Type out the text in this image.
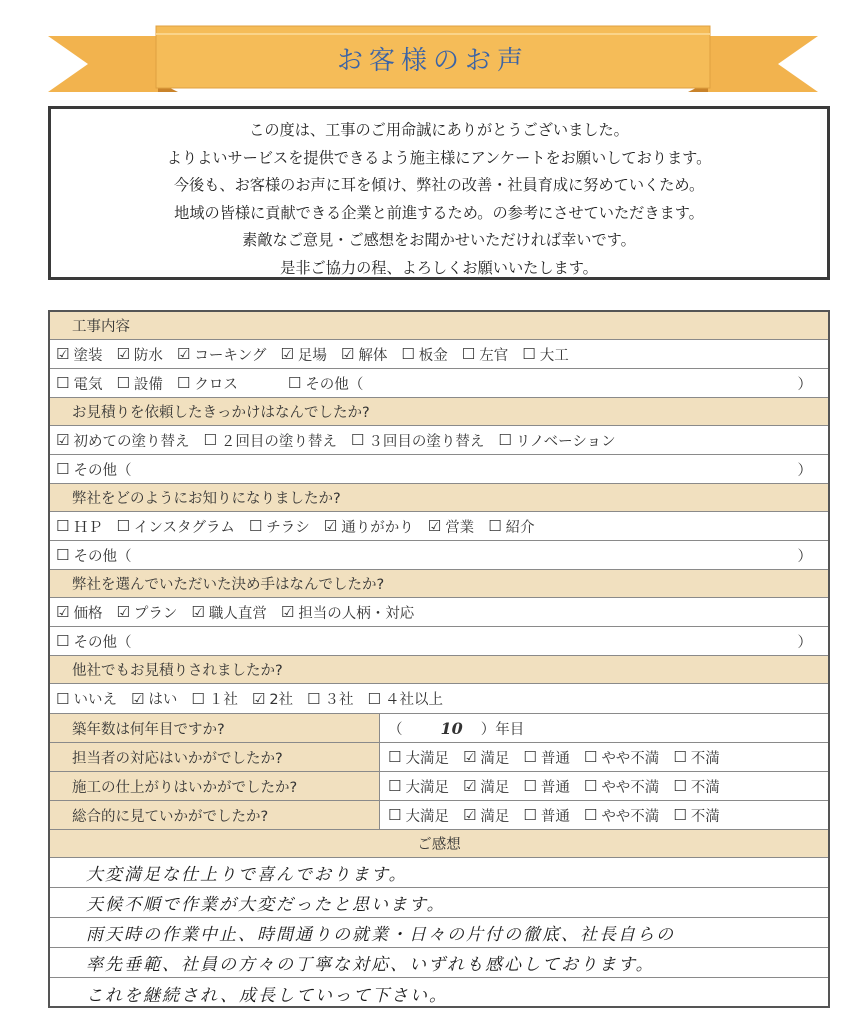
お客様のお声

この度は、工事のご用命誠にありがとうございました。

よりよいサービスを提供できるよう施主様にアンケートをお願いしております。

今後も、お客様のお声に耳を傾け、弊社の改善・社員育成に努めていくため。

地域の皆様に貢献できる企業と前進するため。の参考にさせていただきます。

素敵なご意見・ご感想をお聞かせいただければ幸いです。

是非ご協力の程、よろしくお願いいたします。

工事内容
☑ 塗装 ☑ 防水 ☑ コーキング ☑ 足場 ☑ 解体 ☐ 板金 ☐ 左官 ☐ 大工
☐ 電気 ☐ 設備 ☐ クロス	☐ その他 （	）
お見積りを依頼したきっかけはなんでしたか?
☑ 初めての塗り替え ☐ ２回目の塗り替え ☐ ３回目の塗り替え ☐ リノベーション
☐ その他 （	）
弊社をどのようにお知りになりましたか?
☐ ＨＰ ☐ インスタグラム ☐ チラシ ☑ 通りがかり ☑ 営業 ☐ 紹介
☐ その他 （	）
弊社を選んでいただいた決め手はなんでしたか?
☑ 価格 ☑ プラン ☑ 職人直営 ☑ 担当の人柄・対応
☐ その他 （	）
他社でもお見積りされましたか?
☐ いいえ ☑ はい ☐ １社 ☑ 2社 ☐ ３社 ☐ ４社以上
築年数は何年目ですか?	（ 10 ） 年目
担当者の対応はいかがでしたか?	☐ 大満足 ☑ 満足 ☐ 普通 ☐ やや不満 ☐ 不満
施工の仕上がりはいかがでしたか?	☐ 大満足 ☑ 満足 ☐ 普通 ☐ やや不満 ☐ 不満
総合的に見ていかがでしたか?	☐ 大満足 ☑ 満足 ☐ 普通 ☐ やや不満 ☐ 不満
ご感想
大変満足な仕上りで喜んでおります。
天候不順で作業が大変だったと思います。
雨天時の作業中止、時間通りの就業・日々の片付の徹底、社長自らの
率先垂範、社員の方々の丁寧な対応、いずれも感心しております。
これを継続され、成長していって下さい。
